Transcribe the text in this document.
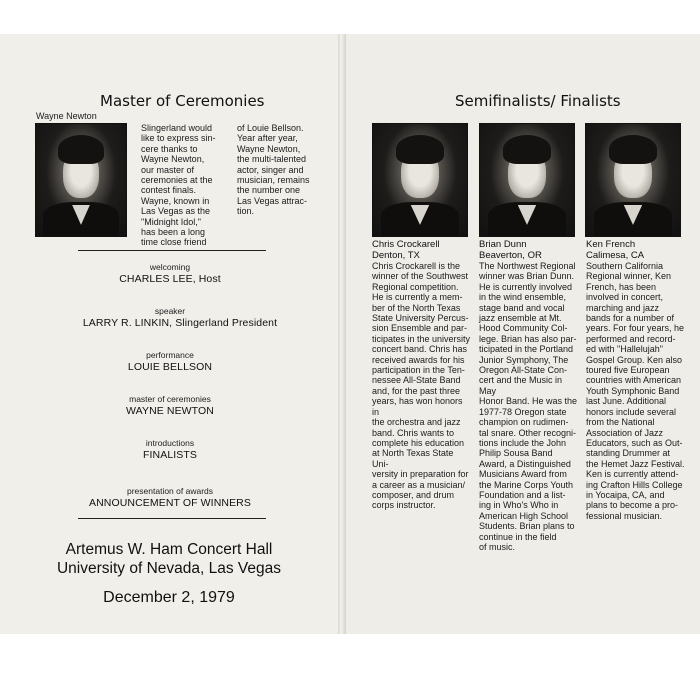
Master of Ceremonies
Wayne Newton
Slingerland would
like to express sin-
cere thanks to
Wayne Newton,
our master of
ceremonies at the
contest finals.
Wayne, known in
Las Vegas as the
"Midnight Idol,"
has been a long
time close friend
of Louie Bellson.
Year after year,
Wayne Newton,
the multi-talented
actor, singer and
musician, remains
the number one
Las Vegas attrac-
tion.
welcoming
CHARLES LEE, Host
speaker
LARRY R. LINKIN, Slingerland President
performance
LOUIE BELLSON
master of ceremonies
WAYNE NEWTON
introductions
FINALISTS
presentation of awards
ANNOUNCEMENT OF WINNERS
Artemus W. Ham Concert Hall
University of Nevada, Las Vegas
December 2, 1979
Semifinalists/ Finalists
Chris Crockarell
Denton, TX
Chris Crockarell is the
winner of the Southwest
Regional competition.
He is currently a mem-
ber of the North Texas
State University Percus-
sion Ensemble and par-
ticipates in the university
concert band. Chris has
received awards for his
participation in the Ten-
nessee All-State Band
and, for the past three
years, has won honors in
the orchestra and jazz
band. Chris wants to
complete his education
at North Texas State Uni-
versity in preparation for
a career as a musician/
composer, and drum
corps instructor.
Brian Dunn
Beaverton, OR
The Northwest Regional
winner was Brian Dunn.
He is currently involved
in the wind ensemble,
stage band and vocal
jazz ensemble at Mt.
Hood Community Col-
lege. Brian has also par-
ticipated in the Portland
Junior Symphony, The
Oregon All-State Con-
cert and the Music in May
Honor Band. He was the
1977-78 Oregon state
champion on rudimen-
tal snare. Other recogni-
tions include the John
Philip Sousa Band
Award, a Distinguished
Musicians Award from
the Marine Corps Youth
Foundation and a list-
ing in Who's Who in
American High School
Students. Brian plans to
continue in the field
of music.
Ken French
Calimesa, CA
Southern California
Regional winner, Ken
French, has been
involved in concert,
marching and jazz
bands for a number of
years. For four years, he
performed and record-
ed with "Hallelujah"
Gospel Group. Ken also
toured five European
countries with American
Youth Symphonic Band
last June. Additional
honors include several
from the National
Association of Jazz
Educators, such as Out-
standing Drummer at
the Hemet Jazz Festival.
Ken is currently attend-
ing Crafton Hills College
in Yocaipa, CA, and
plans to become a pro-
fessional musician.
